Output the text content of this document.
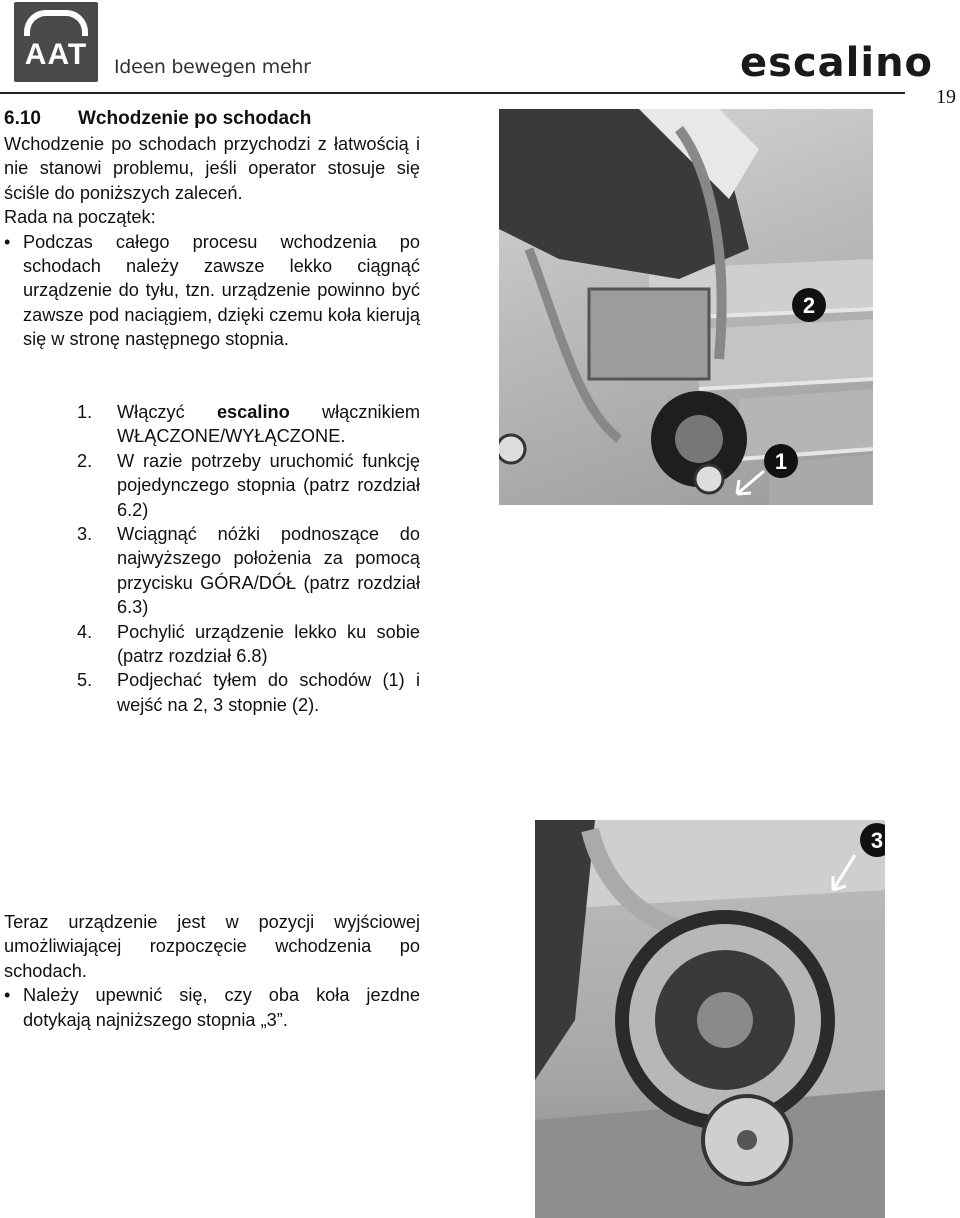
AAT	Ideen bewegen mehr	escalino
19
6.10 Wchodzenie po schodach
Wchodzenie po schodach przychodzi z łatwością i nie stanowi problemu, jeśli operator stosuje się ściśle do poniższych zaleceń.
Rada na początek:
• Podczas całego procesu wchodzenia po schodach należy zawsze lekko ciągnąć urządzenie do tyłu, tzn. urządzenie powinno być zawsze pod naciągiem, dzięki czemu koła kierują się w stronę następnego stopnia.
1.	Włączyć escalino włącznikiem WŁĄCZONE/WYŁĄCZONE.
2.	W razie potrzeby uruchomić funkcję pojedynczego stopnia (patrz rozdział 6.2)
3.	Wciągnąć nóżki podnoszące do najwyższego położenia za pomocą przycisku GÓRA/DÓŁ (patrz rozdział 6.3)
4.	Pochylić urządzenie lekko ku sobie (patrz rozdział 6.8)
5.	Podjechać tyłem do schodów (1) i wejść na 2, 3 stopnie (2).
Teraz urządzenie jest w pozycji wyjściowej umożliwiającej rozpoczęcie wchodzenia po schodach.
• Należy upewnić się, czy oba koła jezdne dotykają najniższego stopnia „3”.
2
1
3
